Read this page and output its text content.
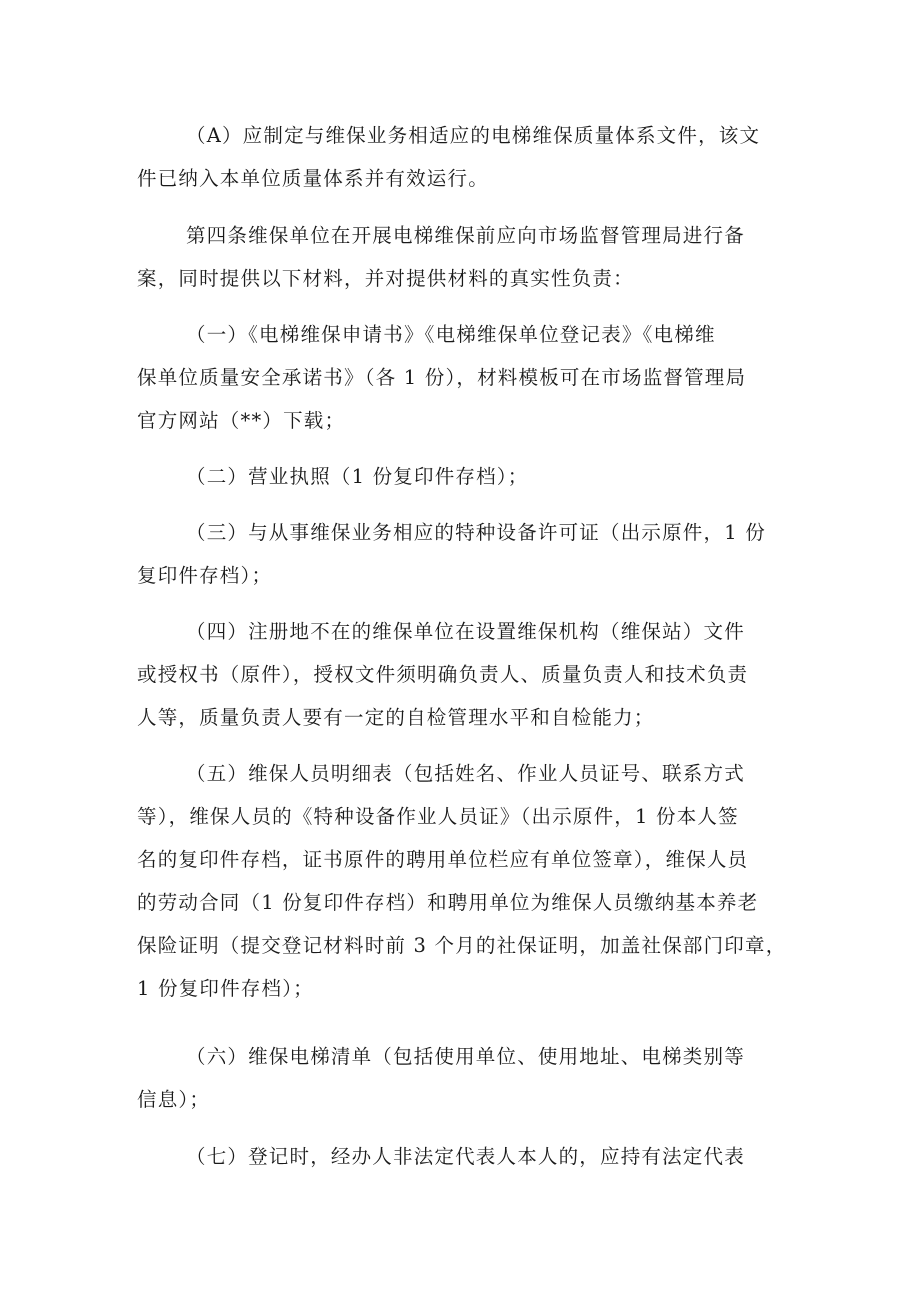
（A）应制定与维保业务相适应的电梯维保质量体系文件，该文
件已纳入本单位质量体系并有效运行。
第四条维保单位在开展电梯维保前应向市场监督管理局进行备
案，同时提供以下材料，并对提供材料的真实性负责：
（一）《电梯维保申请书》《电梯维保单位登记表》《电梯维
保单位质量安全承诺书》（各 1 份），材料模板可在市场监督管理局
官方网站（**）下载；
（二）营业执照（1 份复印件存档）；
（三）与从事维保业务相应的特种设备许可证（出示原件，1 份
复印件存档）；
（四）注册地不在的维保单位在设置维保机构（维保站）文件
或授权书（原件），授权文件须明确负责人、质量负责人和技术负责
人等，质量负责人要有一定的自检管理水平和自检能力；
（五）维保人员明细表（包括姓名、作业人员证号、联系方式
等），维保人员的《特种设备作业人员证》（出示原件，1 份本人签
名的复印件存档，证书原件的聘用单位栏应有单位签章），维保人员
的劳动合同（1 份复印件存档）和聘用单位为维保人员缴纳基本养老
保险证明（提交登记材料时前 3 个月的社保证明，加盖社保部门印章，
1 份复印件存档）；
（六）维保电梯清单（包括使用单位、使用地址、电梯类别等
信息）；
（七）登记时，经办人非法定代表人本人的，应持有法定代表
